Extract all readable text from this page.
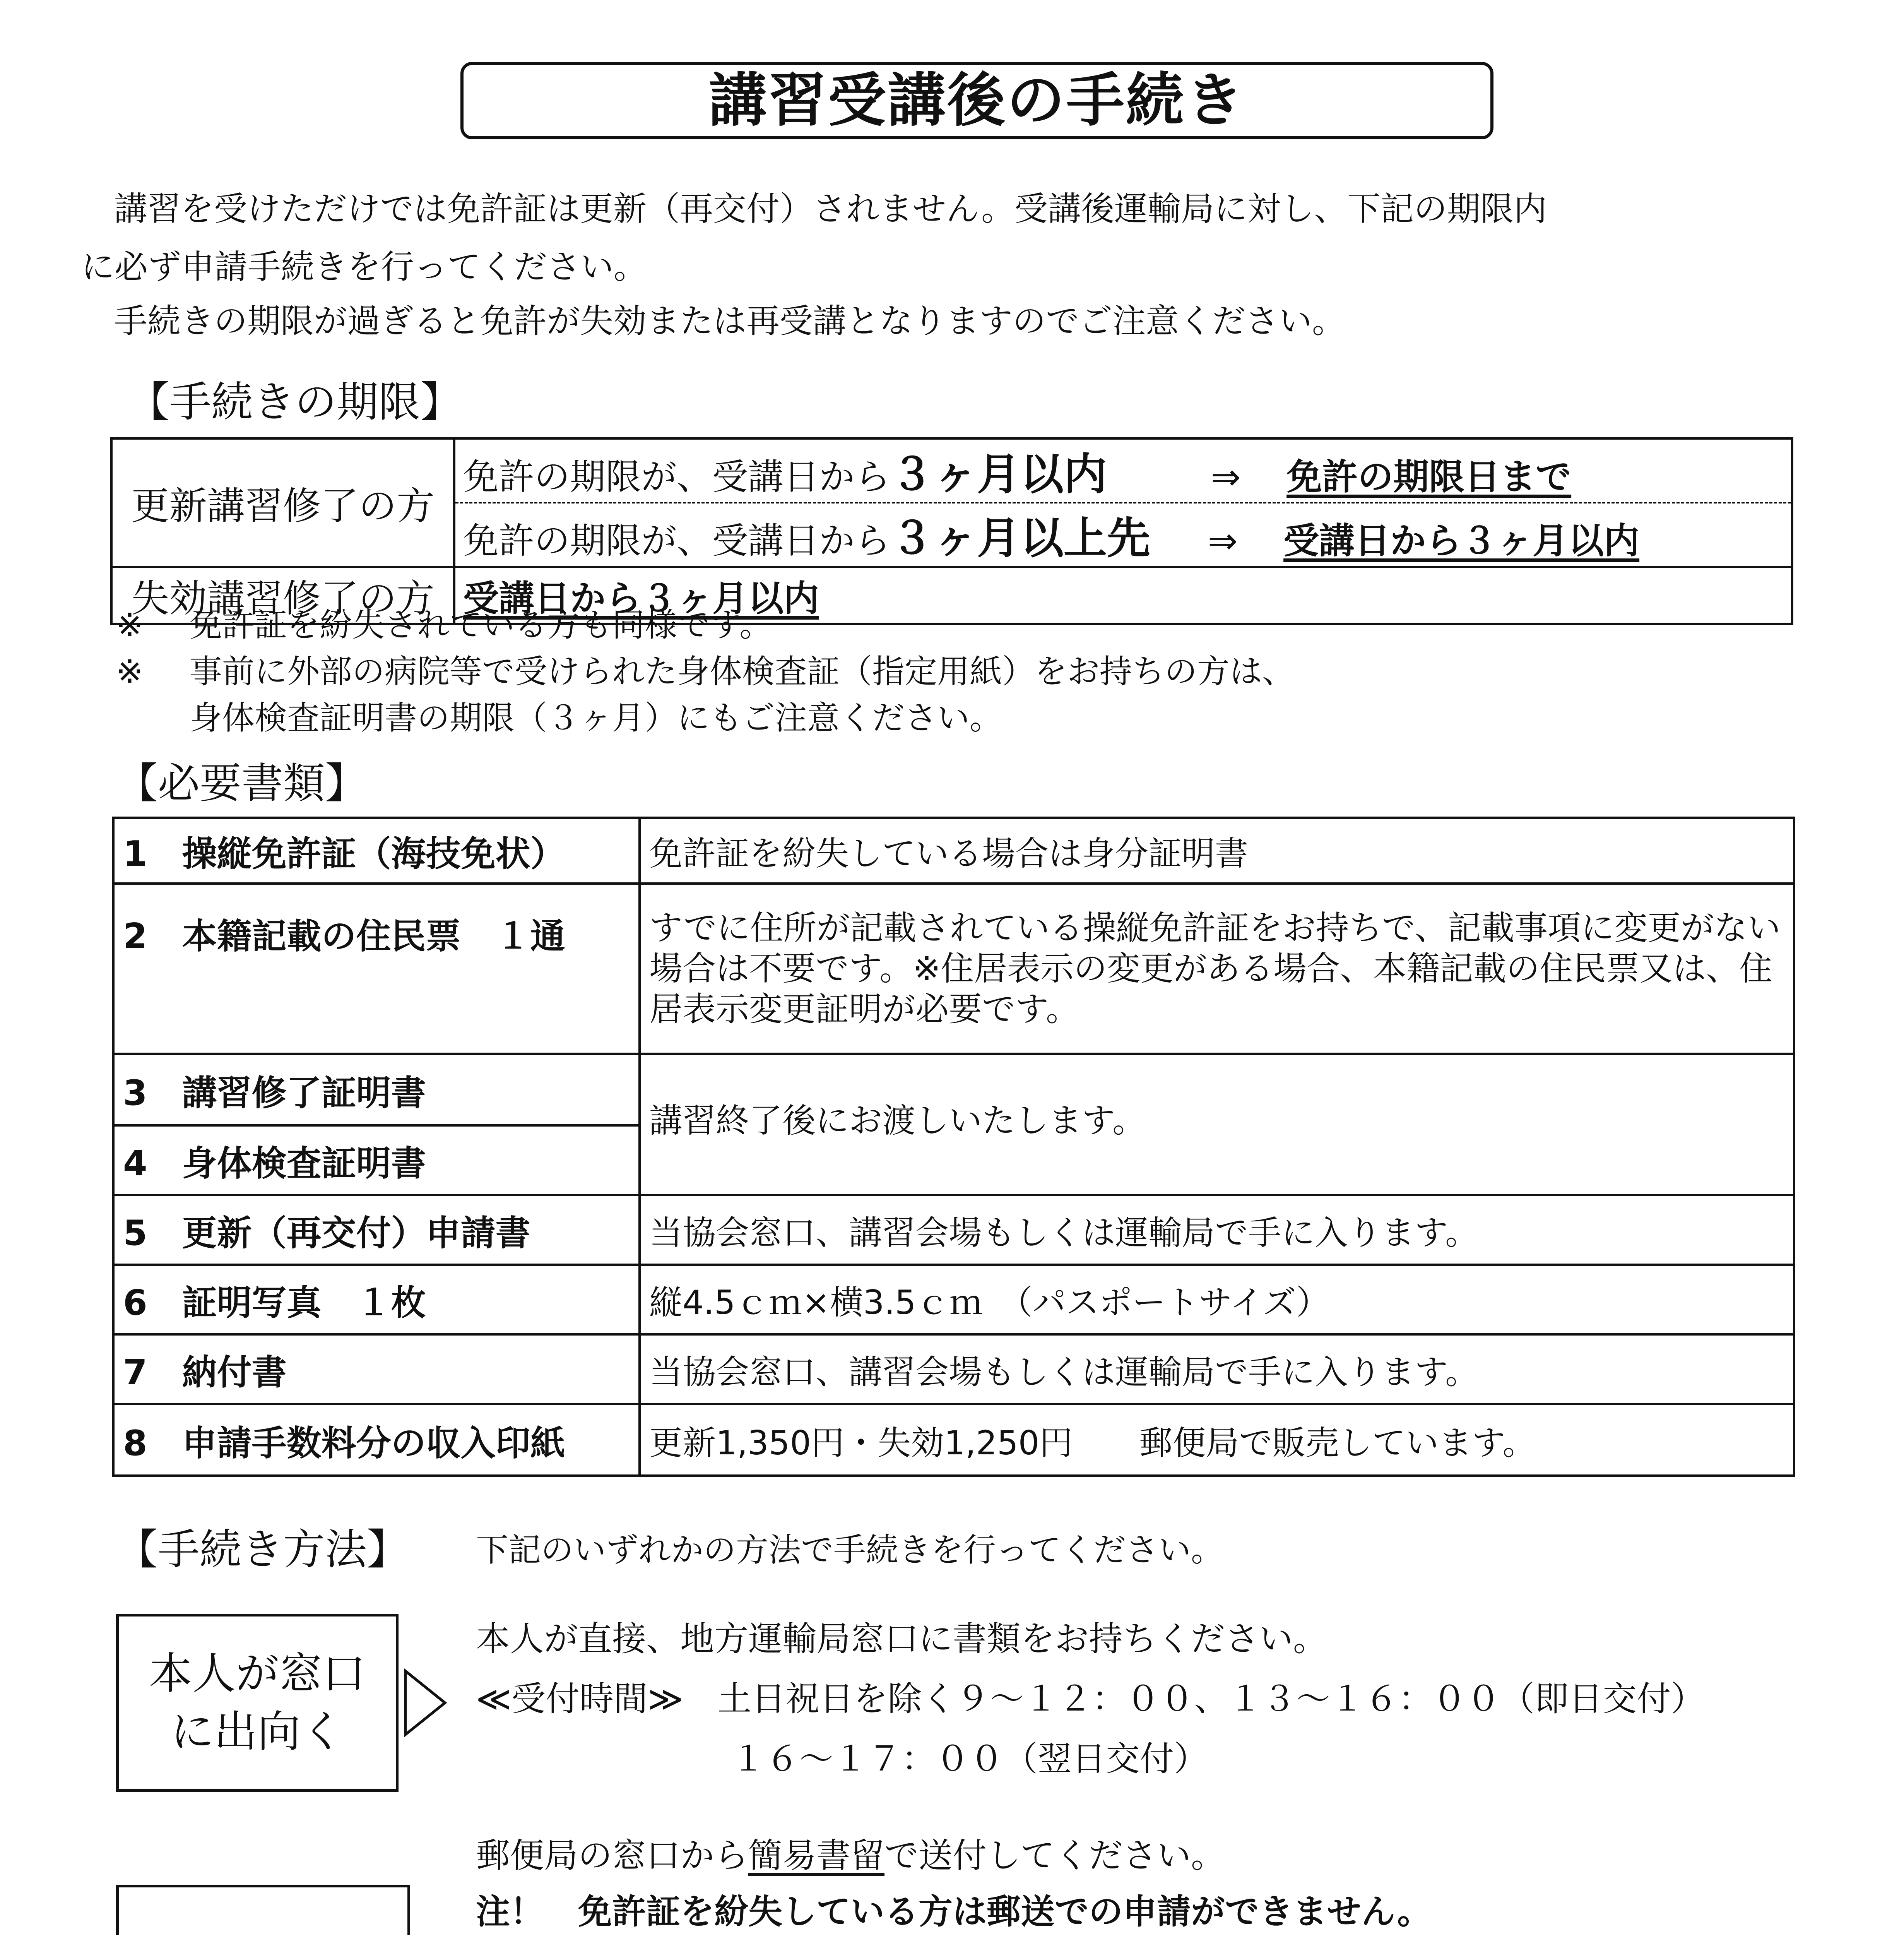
講習受講後の手続き
講習を受けただけでは免許証は更新（再交付）されません。受講後運輸局に対し、下記の期限内
に必ず申請手続きを行ってください。
手続きの期限が過ぎると免許が失効または再受講となりますのでご注意ください。
【手続きの期限】
更新講習修了の方	免許の期限が、受講日から３ヶ月以内 ⇒ 免許の期限日まで
	免許の期限が、受講日から３ヶ月以上先 ⇒ 受講日から３ヶ月以内
失効講習修了の方	受講日から３ヶ月以内
※ 免許証を紛失されている方も同様です。
※ 事前に外部の病院等で受けられた身体検査証（指定用紙）をお持ちの方は、
身体検査証明書の期限（３ヶ月）にもご注意ください。
【必要書類】
1　操縦免許証（海技免状）	免許証を紛失している場合は身分証明書
2　本籍記載の住民票　１通	すでに住所が記載されている操縦免許証をお持ちで、記載事項に変更がない場合は不要です。※住居表示の変更がある場合、本籍記載の住民票又は、住居表示変更証明が必要です。
3　講習修了証明書	講習終了後にお渡しいたします。
4　身体検査証明書	
5　更新（再交付）申請書	当協会窓口、講習会場もしくは運輸局で手に入ります。
6　証明写真　１枚	縦4.5ｃｍ×横3.5ｃｍ　（パスポートサイズ）
7　納付書	当協会窓口、講習会場もしくは運輸局で手に入ります。
8　申請手数料分の収入印紙	更新1,350円・失効1,250円　　郵便局で販売しています。
【手続き方法】 下記のいずれかの方法で手続きを行ってください。
本人が窓口に出向く
本人が直接、地方運輸局窓口に書類をお持ちください。
≪受付時間≫　土日祝日を除く９～１２：００、１３～１６：００（即日交付）
１６～１７：００（翌日交付）
郵便局の窓口から簡易書留で送付してください。
注！　免許証を紛失している方は郵送での申請ができません。
